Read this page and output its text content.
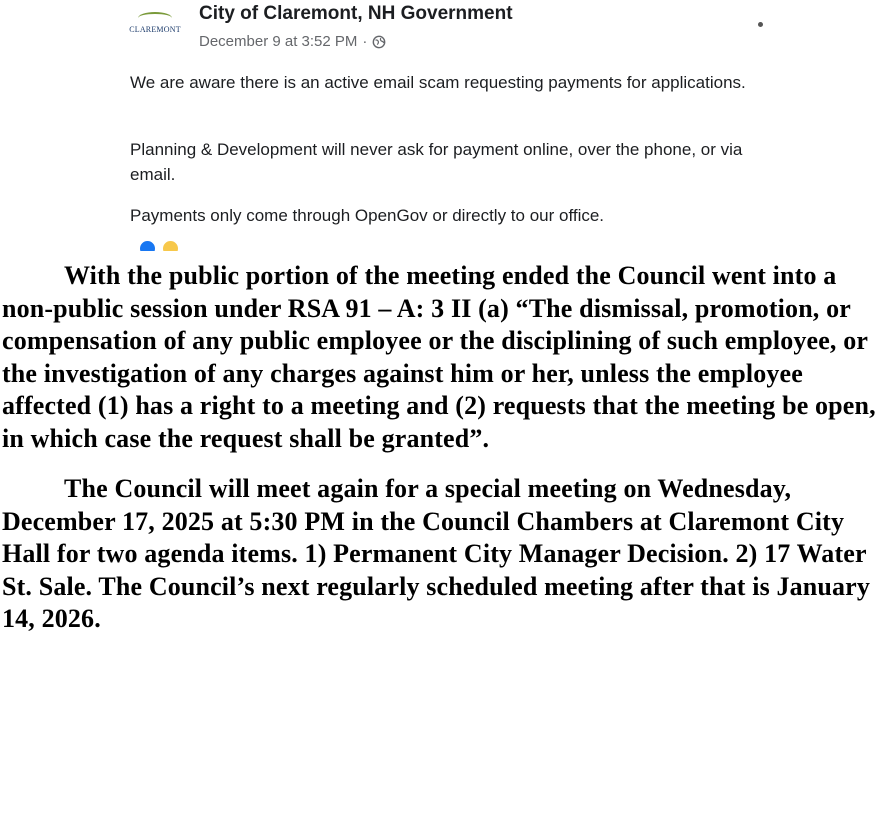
CLAREMONT
City of Claremont, NH Government
December 9 at 3:52 PM ·

We are aware there is an active email scam requesting payments for applications.

Planning & Development will never ask for payment online, over the phone, or via email.

Payments only come through OpenGov or directly to our office.

With the public portion of the meeting ended the Council went into a non-public session under RSA 91 – A: 3 II (a) “The dismissal, promotion, or compensation of any public employee or the disciplining of such employee, or the investigation of any charges against him or her, unless the employee affected (1) has a right to a meeting and (2) requests that the meeting be open, in which case the request shall be granted”.

The Council will meet again for a special meeting on Wednesday, December 17, 2025 at 5:30 PM in the Council Chambers at Claremont City Hall for two agenda items. 1) Permanent City Manager Decision. 2) 17 Water St. Sale. The Council’s next regularly scheduled meeting after that is January 14, 2026.
